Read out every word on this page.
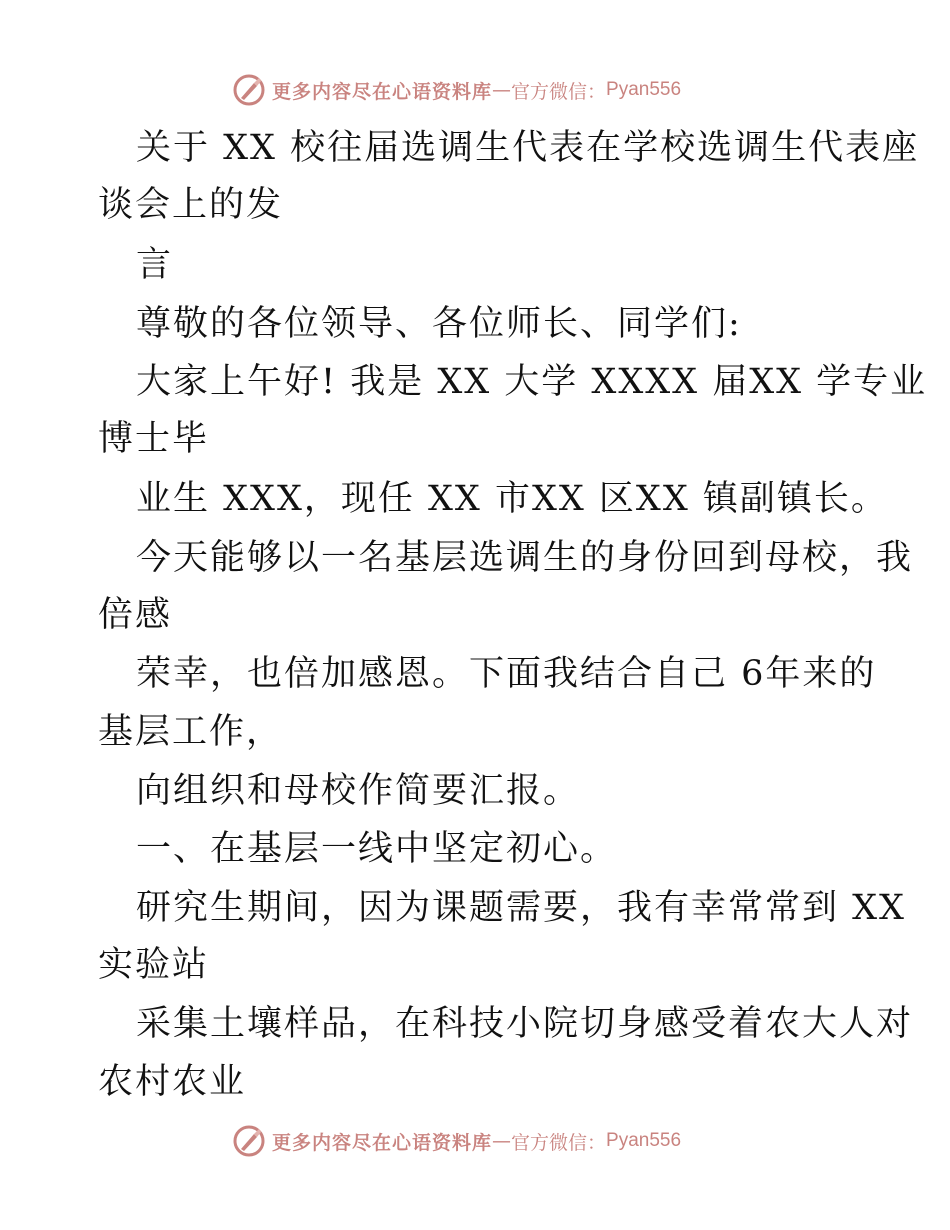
更多内容尽在心语资料库 — 官方微信： Pyan556
关于 XX 校往届选调生代表在学校选调生代表座
谈会上的发
言
尊敬的各位领导、各位师长、同学们:
大家上午好! 我是 XX 大学 XXXX 届XX 学专业
博士毕
业生 XXX，现任 XX 市XX 区XX 镇副镇长。
今天能够以一名基层选调生的身份回到母校，我
倍感
荣幸，也倍加感恩。下面我结合自己 6年来的
基层工作，
向组织和母校作简要汇报。
一、在基层一线中坚定初心。
研究生期间，因为课题需要，我有幸常常到 XX
实验站
采集土壤样品，在科技小院切身感受着农大人对
农村农业
更多内容尽在心语资料库 — 官方微信： Pyan556
